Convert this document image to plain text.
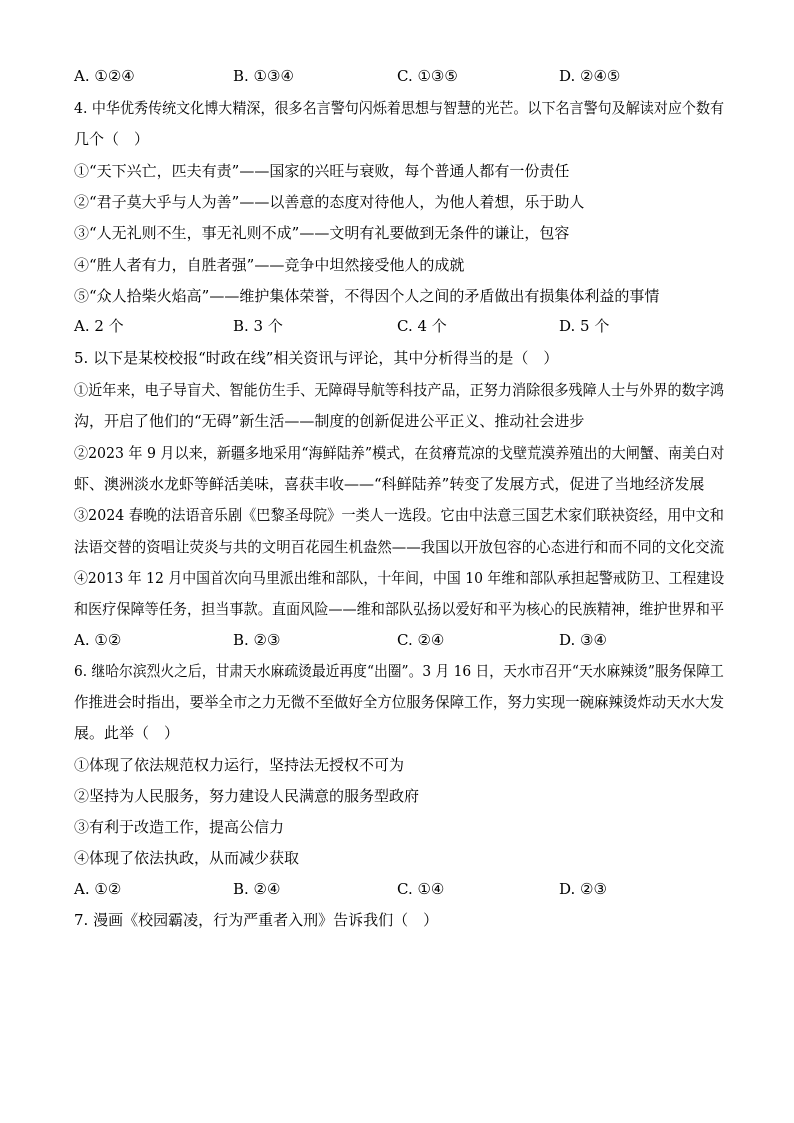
A. ①②④	B. ①③④	C. ①③⑤	D. ②④⑤
4. 中华优秀传统文化博大精深，很多名言警句闪烁着思想与智慧的光芒。以下名言警句及解读对应个数有
几个（　）
①“天下兴亡，匹夫有责”——国家的兴旺与衰败，每个普通人都有一份责任
②“君子莫大乎与人为善”——以善意的态度对待他人，为他人着想，乐于助人
③“人无礼则不生，事无礼则不成”——文明有礼要做到无条件的谦让，包容
④“胜人者有力，自胜者强”——竞争中坦然接受他人的成就
⑤“众人拾柴火焰高”——维护集体荣誉，不得因个人之间的矛盾做出有损集体利益的事情
A. 2 个	B. 3 个	C. 4 个	D. 5 个
5. 以下是某校校报“时政在线”相关资讯与评论，其中分析得当的是（　）
①近年来，电子导盲犬、智能仿生手、无障碍导航等科技产品，正努力消除很多残障人士与外界的数字鸿
沟，开启了他们的“无碍”新生活——制度的创新促进公平正义、推动社会进步
②2023 年 9 月以来，新疆多地采用“海鲜陆养”模式，在贫瘠荒凉的戈壁荒漠养殖出的大闸蟹、南美白对
虾、澳洲淡水龙虾等鲜活美味，喜获丰收——“科鲜陆养”转变了发展方式，促进了当地经济发展
③2024 春晚的法语音乐剧《巴黎圣母院》一类人一选段。它由中法意三国艺术家们联袂资经，用中文和
法语交替的资唱让荧炎与共的文明百花园生机盎然——我国以开放包容的心态进行和而不同的文化交流
④2013 年 12 月中国首次向马里派出维和部队，十年间，中国 10 年维和部队承担起警戒防卫、工程建设
和医疗保障等任务，担当事款。直面风险——维和部队弘扬以爱好和平为核心的民族精神，维护世界和平
A. ①②	B. ②③	C. ②④	D. ③④
6. 继哈尔滨烈火之后，甘肃天水麻疏烫最近再度“出圈”。3 月 16 日，天水市召开“天水麻辣烫”服务保障工
作推进会时指出，要举全市之力无微不至做好全方位服务保障工作，努力实现一碗麻辣烫炸动天水大发
展。此举（　）
①体现了依法规范权力运行，坚持法无授权不可为
②坚持为人民服务，努力建设人民满意的服务型政府
③有利于改造工作，提高公信力
④体现了依法执政，从而减少获取
A. ①②	B. ②④	C. ①④	D. ②③
7. 漫画《校园霸凌，行为严重者入刑》告诉我们（　）
